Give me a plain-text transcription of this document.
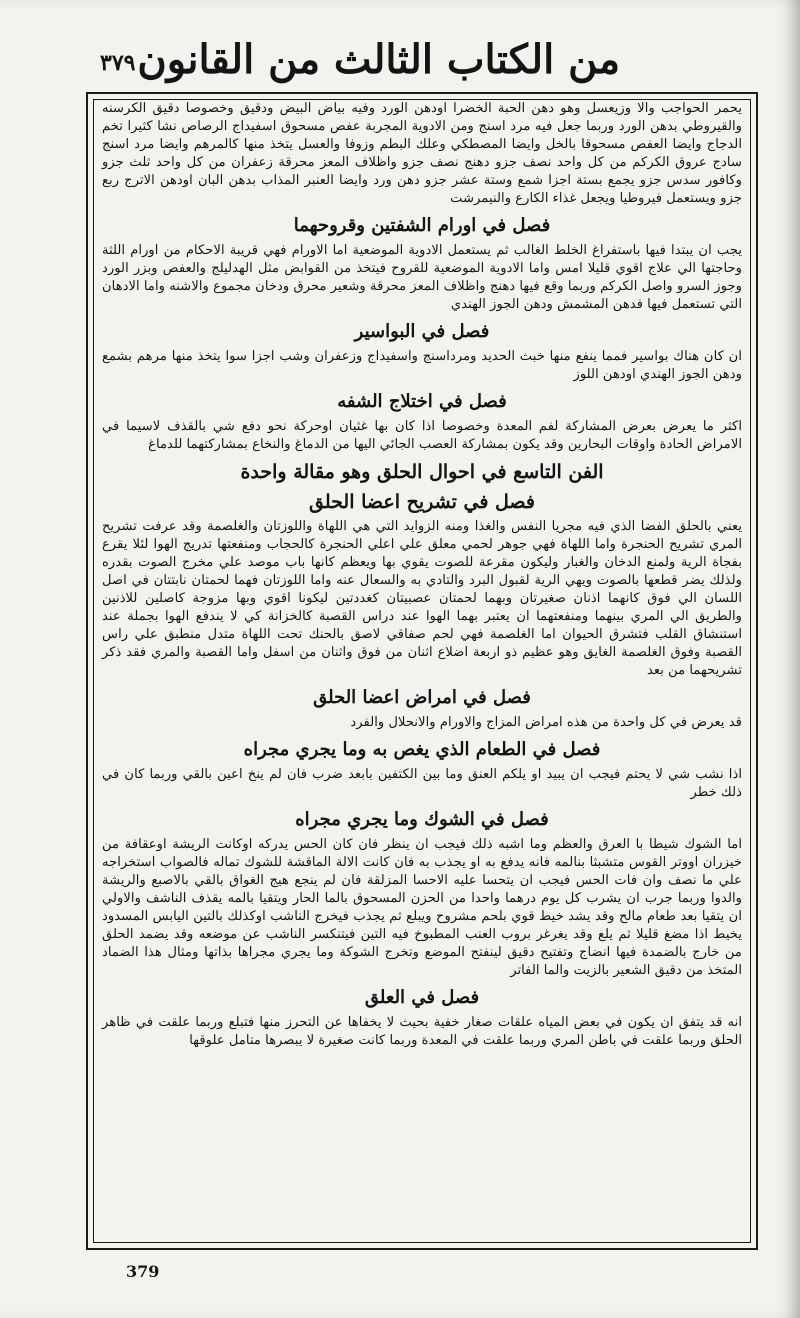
من الكتاب الثالث من القانون
٣٧٩
يحمر الحواجب والا وزيعسل وهو دهن الحبة الخضرا اودهن الورد وفيه بياض البيض ودقيق وخصوصا دقيق الكرسنه والقيروطي بدهن الورد وربما جعل فيه مرد اسنج ومن الادوية المجربة عفص مسحوق اسفيداج الرصاص نشا كثيرا تخم الدجاج وايضا العفص مسحوقا بالخل وايضا المصطكي وعلك البطم وزوفا والعسل يتخذ منها كالمرهم وايضا مرد اسنج سادج عروق الكركم من كل واحد نصف جزو دهنج نصف جزو واظلاف المعز محرقة زعفران من كل واحد ثلث جزو وكافور سدس جزو يجمع بستة اجزا شمع وستة عشر جزو دهن ورد وايضا العنبر المذاب بدهن البان اودهن الاترج ربع جزو ويستعمل فيروطيا ويجعل غذاء الكارع والنيمرشت
فصل في اورام الشفتين وقروحهما
يجب ان يبتدا فيها باستفراغ الخلط الغالب ثم يستعمل الادوية الموضعية اما الاورام فهي قريبة الاحكام من اورام اللثة وحاجتها الي علاج اقوي قليلا امس واما الادوية الموضعية للقروح فيتخذ من القوابض مثل الهدليلج والعفص وبزر الورد وجوز السرو واصل الكركم وربما وقع فيها دهنج واظلاف المعز محرقة وشعير محرق ودخان مجموع والاشنه واما الادهان التي تستعمل فيها فدهن المشمش ودهن الجوز الهندي
فصل في البواسير
ان كان هناك بواسير فمما ينفع منها خبث الحديد ومرداسنج واسفيداج وزعفران وشب اجزا سوا يتخذ منها مرهم بشمع ودهن الجوز الهندي اودهن اللوز
فصل في اختلاج الشفه
اكثر ما يعرض بعرض المشاركة لفم المعدة وخصوصا اذا كان بها غثيان اوحركة نحو دفع شي بالقذف لاسيما في الامراض الحادة واوقات البحارين وقد يكون بمشاركة العصب الجائي اليها من الدماغ والنخاع بمشاركتهما للدماغ
الفن التاسع في احوال الحلق وهو مقالة واحدة
فصل في تشريح اعضا الحلق
يعني بالحلق الفضا الذي فيه مجريا النفس والغذا ومنه الزوايد التي هي اللهاة واللوزتان والغلصمة وقد عرفت تشريح المري تشريح الحنجرة واما اللهاة فهي جوهر لحمي معلق علي اعلي الحنجرة كالحجاب ومنفعتها تدريج الهوا لئلا يقرع بفجاة الرية ولمنع الدخان والغبار وليكون مقرعة للصوت يقوي بها ويعظم كانها باب موصد علي مخرج الصوت بقدره ولذلك يضر قطعها بالصوت ويهي الرية لقبول البرد والتادي به والسعال عنه واما اللوزتان فهما لحمتان نابتتان في اصل اللسان الي فوق كانهما اذنان صغيرتان وبهما لحمتان عصبيتان كغددتين ليكونا اقوي وبها مزوجة كاصلين للاذنين والطريق الي المري بينهما ومنفعتهما ان يعتبر بهما الهوا عند دراس القصبة كالخزانة كي لا يندفع الهوا بجملة عند استنشاق القلب فتشرق الحيوان اما الغلصمة فهي لحم صفاقي لاصق بالحنك تحت اللهاة متدل منطبق علي راس القصبة وفوق الغلصمة الغايق وهو عظيم ذو اربعة اضلاع اثنان من فوق واثنان من اسفل واما القصبة والمري فقد ذكر تشريحهما من بعد
فصل في امراض اعضا الحلق
قد يعرض في كل واحدة من هذه امراض المزاج والاورام والانحلال والفرد
فصل في الطعام الذي يغص به وما يجري مجراه
اذا نشب شي لا يحتم فيجب ان يبيد او يلكم العنق وما بين الكتفين بابعد ضرب فان لم ينخ اعين بالقي وربما كان في ذلك خطر
فصل في الشوك وما يجري مجراه
اما الشوك شيطا با العرق والعظم وما اشبه ذلك فيجب ان ينظر فان كان الحس يدركه اوكانت الريشة اوعقافة من خيزران اووتر القوس متشبثا بنالمه فانه يدفع به او يجذب به فان كانت الالة الماقشة للشوك تماله فالصواب استخراجه علي ما نصف وان فات الحس فيجب ان يتحسا عليه الاحسا المزلقة فان لم ينجع هيج الغواق بالقي بالاصبع والريشة والدوا وربما جرب ان يشرب كل يوم درهما واحدا من الحزن المسحوق بالما الحار ويتقيا بالمه يقذف الناشف والاولي ان يتقيا بعد طعام مالح وقد يشد خيط قوي بلحم مشروح ويبلع ثم يجذب فيخرج الناشب اوكذلك بالتين اليابس المسدود يخيط اذا مضغ قليلا ثم يلع وقد يغرغر بروب العنب المطبوخ فيه التين فيتنكسر الناشب عن موضعه وقد يضمد الحلق من خارج بالضمدة فيها انضاج وتفتيح دقيق لينفتح الموضع وتخرج الشوكة وما يجري مجراها بذاتها ومثال هذا الضماد المتخذ من دقيق الشعير بالزيت والما الفاتر
فصل في العلق
انه قد يتفق ان يكون في بعض المياه علقات صغار خفية بحيث لا يخفاها عن التحرز منها فتبلع وربما علقت في ظاهر الحلق وربما علقت في باطن المري وربما علقت في المعدة وربما كانت صغيرة لا يبصرها متامل علوقها
379
